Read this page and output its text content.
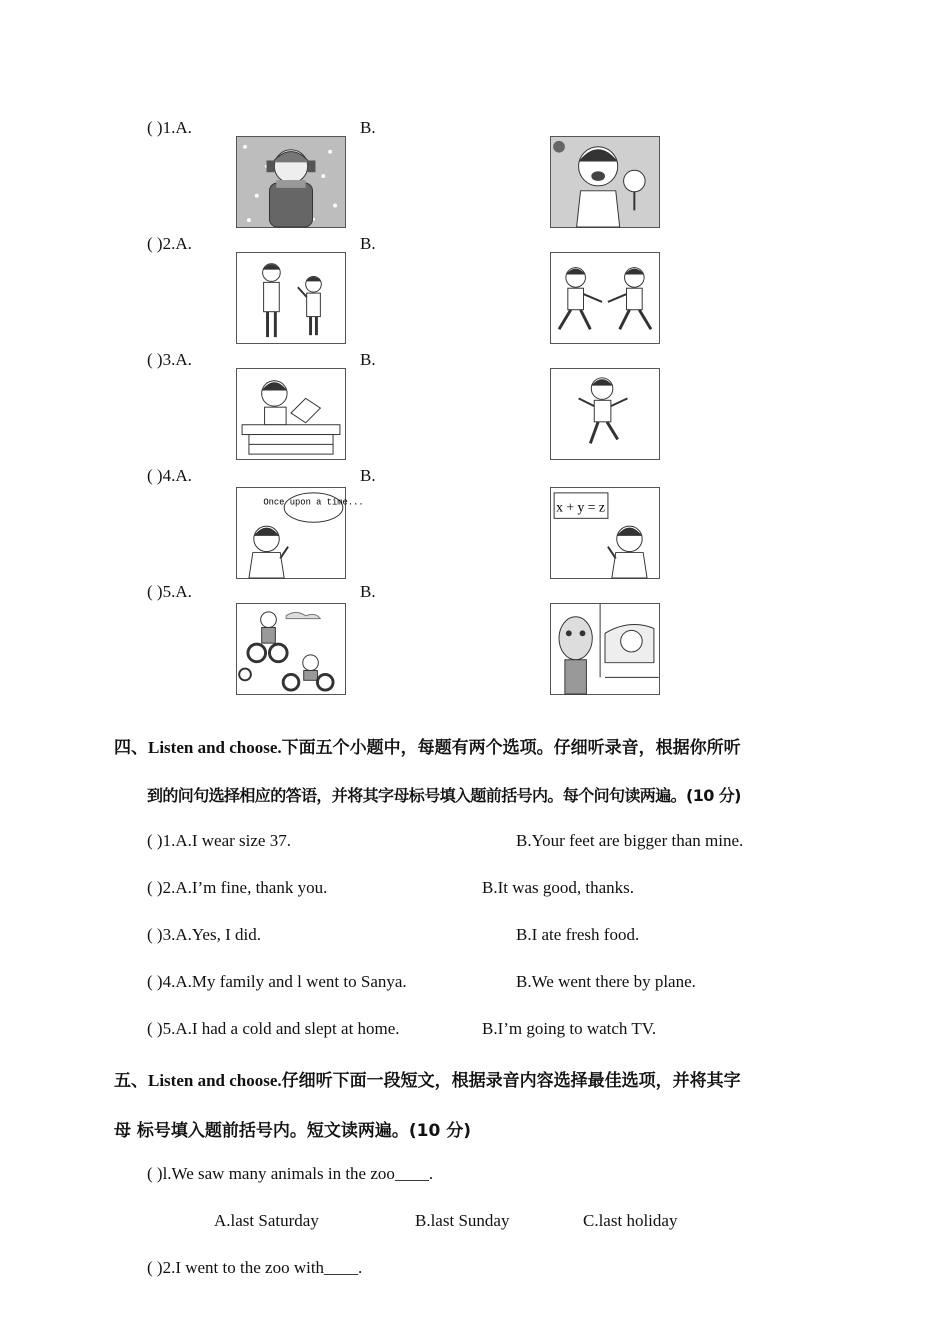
( )1.A.	B.
( )2.A.	B.
( )3.A.	B.
( )4.A.	B.
Once upon a time...	x + y = z
( )5.A.	B.
四、Listen and choose.下面五个小题中，每题有两个选项。仔细听录音，根据你所听
到的问句选择相应的答语，并将其字母标号填入题前括号内。每个问句读两遍。(10 分)
( )1.A.I wear size 37.	B.Your feet are bigger than mine.
( )2.A.I’m fine, thank you.	B.It was good, thanks.
( )3.A.Yes, I did.	B.I ate fresh food.
( )4.A.My family and l went to Sanya.	B.We went there by plane.
( )5.A.I had a cold and slept at home.	B.I’m going to watch TV.
五、Listen and choose.仔细听下面一段短文，根据录音内容选择最佳选项，并将其字
母 标号填入题前括号内。短文读两遍。(10 分)
( )l.We saw many animals in the zoo____.
A.last Saturday	B.last Sunday	C.last holiday
( )2.I went to the zoo with____.
